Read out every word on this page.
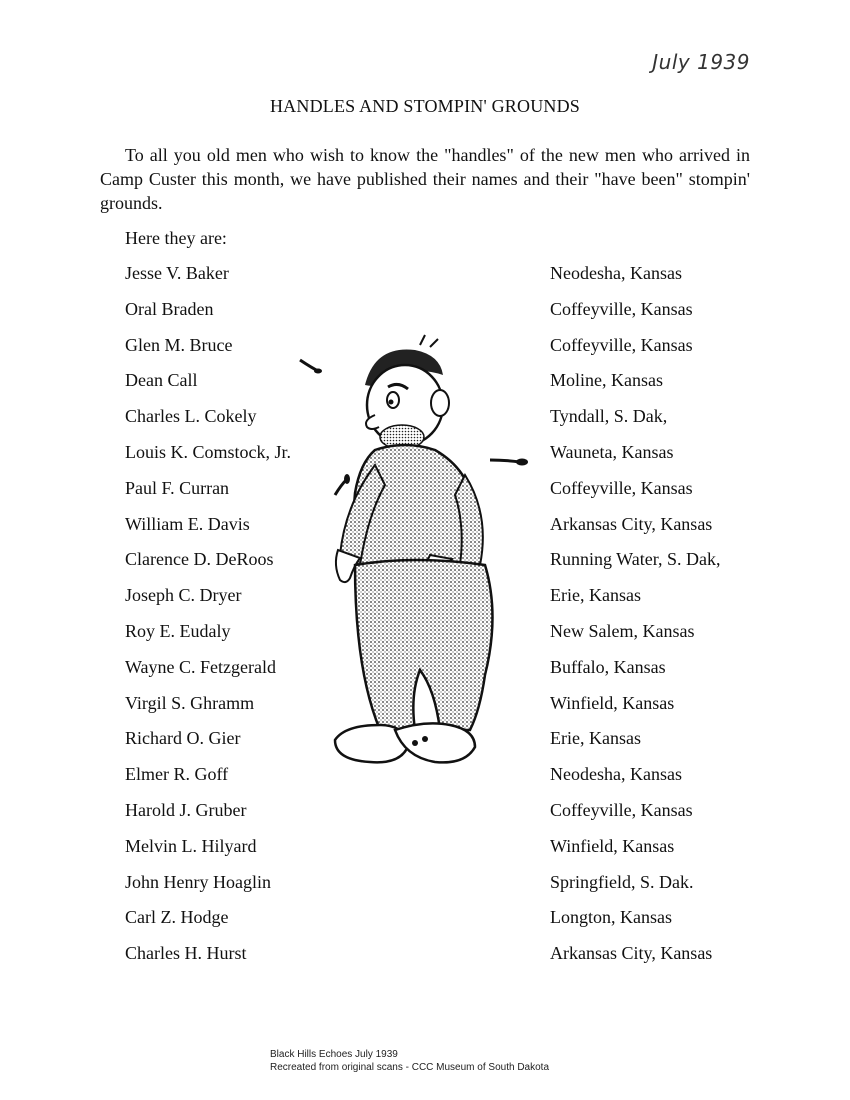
July 1939
HANDLES AND STOMPIN' GROUNDS

To all you old men who wish to know the "handles" of the new men who arrived in Camp Custer this month, we have published their names and their "have been" stompin' grounds.

Here they are:
Jesse V. Baker	Neodesha, Kansas
Oral Braden	Coffeyville, Kansas
Glen M. Bruce	Coffeyville, Kansas
Dean Call	Moline, Kansas
Charles L. Cokely	Tyndall, S. Dak,
Louis K. Comstock, Jr.	Wauneta, Kansas
Paul F. Curran	Coffeyville, Kansas
William E. Davis	Arkansas City, Kansas
Clarence D. DeRoos	Running Water, S. Dak,
Joseph C. Dryer	Erie, Kansas
Roy E. Eudaly	New Salem, Kansas
Wayne C. Fetzgerald	Buffalo, Kansas
Virgil S. Ghramm	Winfield, Kansas
Richard O. Gier	Erie, Kansas
Elmer R. Goff	Neodesha, Kansas
Harold J. Gruber	Coffeyville, Kansas
Melvin L. Hilyard	Winfield, Kansas
John Henry Hoaglin	Springfield, S. Dak.
Carl Z. Hodge	Longton, Kansas
Charles H. Hurst	Arkansas City, Kansas
Black Hills Echoes July 1939
Recreated from original scans - CCC Museum of South Dakota
